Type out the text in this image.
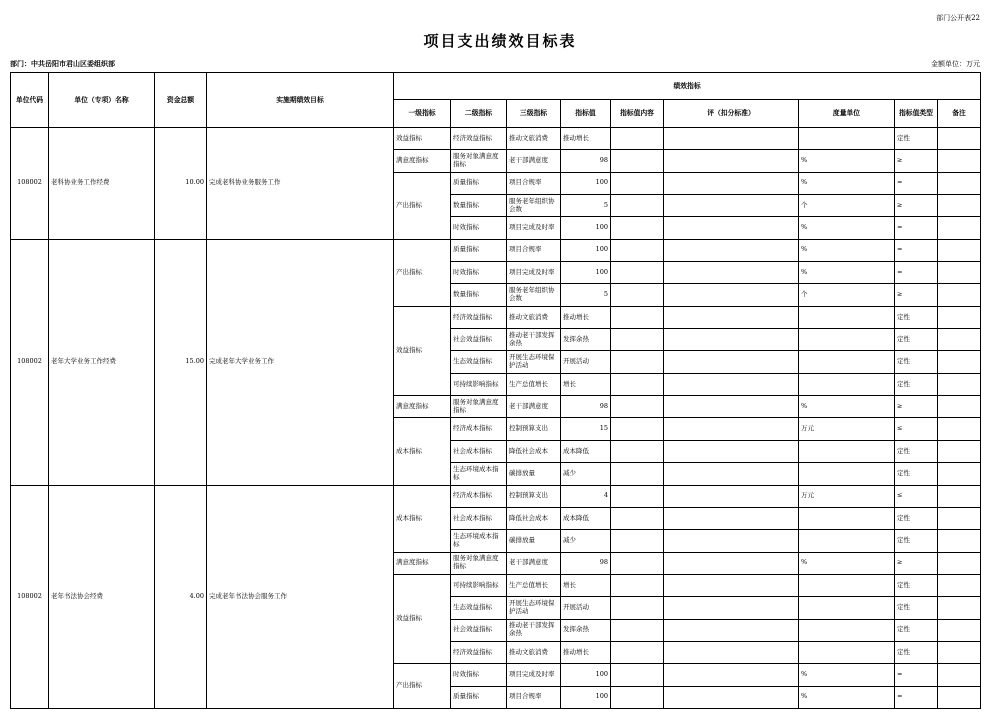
部门公开表22
项目支出绩效目标表
部门：中共岳阳市君山区委组织部	金额单位：万元
单位代码	单位（专项）名称	资金总额	实施期绩效目标	绩效指标								
				一级指标	二级指标	三级指标	指标值	指标值内容	评（扣分标准）	度量单位	指标值类型	备注
108002	老科协业务工作经费	10.00	完成老科协业务服务工作	效益指标	经济效益指标	推动文旅消费	推动增长				定性	
				满意度指标	服务对象满意度指标	老干部满意度	98			%	≥	
				产出指标	质量指标	项目合规率	100			%	=	
					数量指标	服务老年组织协会数	5			个	≥	
					时效指标	项目完成及时率	100			%	=	
108002	老年大学业务工作经费	15.00	完成老年大学业务工作	产出指标	质量指标	项目合规率	100			%	=	
					时效指标	项目完成及时率	100			%	=	
					数量指标	服务老年组织协会数	5			个	≥	
				效益指标	经济效益指标	推动文旅消费	推动增长				定性	
					社会效益指标	推动老干部发挥余热	发挥余热				定性	
					生态效益指标	开展生态环境保护活动	开展活动				定性	
					可持续影响指标	生产总值增长	增长				定性	
				满意度指标	服务对象满意度指标	老干部满意度	98			%	≥	
				成本指标	经济成本指标	控制预算支出	15			万元	≤	
					社会成本指标	降低社会成本	成本降低				定性	
					生态环境成本指标	碳排放量	减少				定性	
108002	老年书法协会经费	4.00	完成老年书法协会服务工作	成本指标	经济成本指标	控制预算支出	4			万元	≤	
					社会成本指标	降低社会成本	成本降低				定性	
					生态环境成本指标	碳排放量	减少				定性	
				满意度指标	服务对象满意度指标	老干部满意度	98			%	≥	
				效益指标	可持续影响指标	生产总值增长	增长				定性	
					生态效益指标	开展生态环境保护活动	开展活动				定性	
					社会效益指标	推动老干部发挥余热	发挥余热				定性	
					经济效益指标	推动文旅消费	推动增长				定性	
				产出指标	时效指标	项目完成及时率	100			%	=	
					质量指标	项目合规率	100			%	=	
